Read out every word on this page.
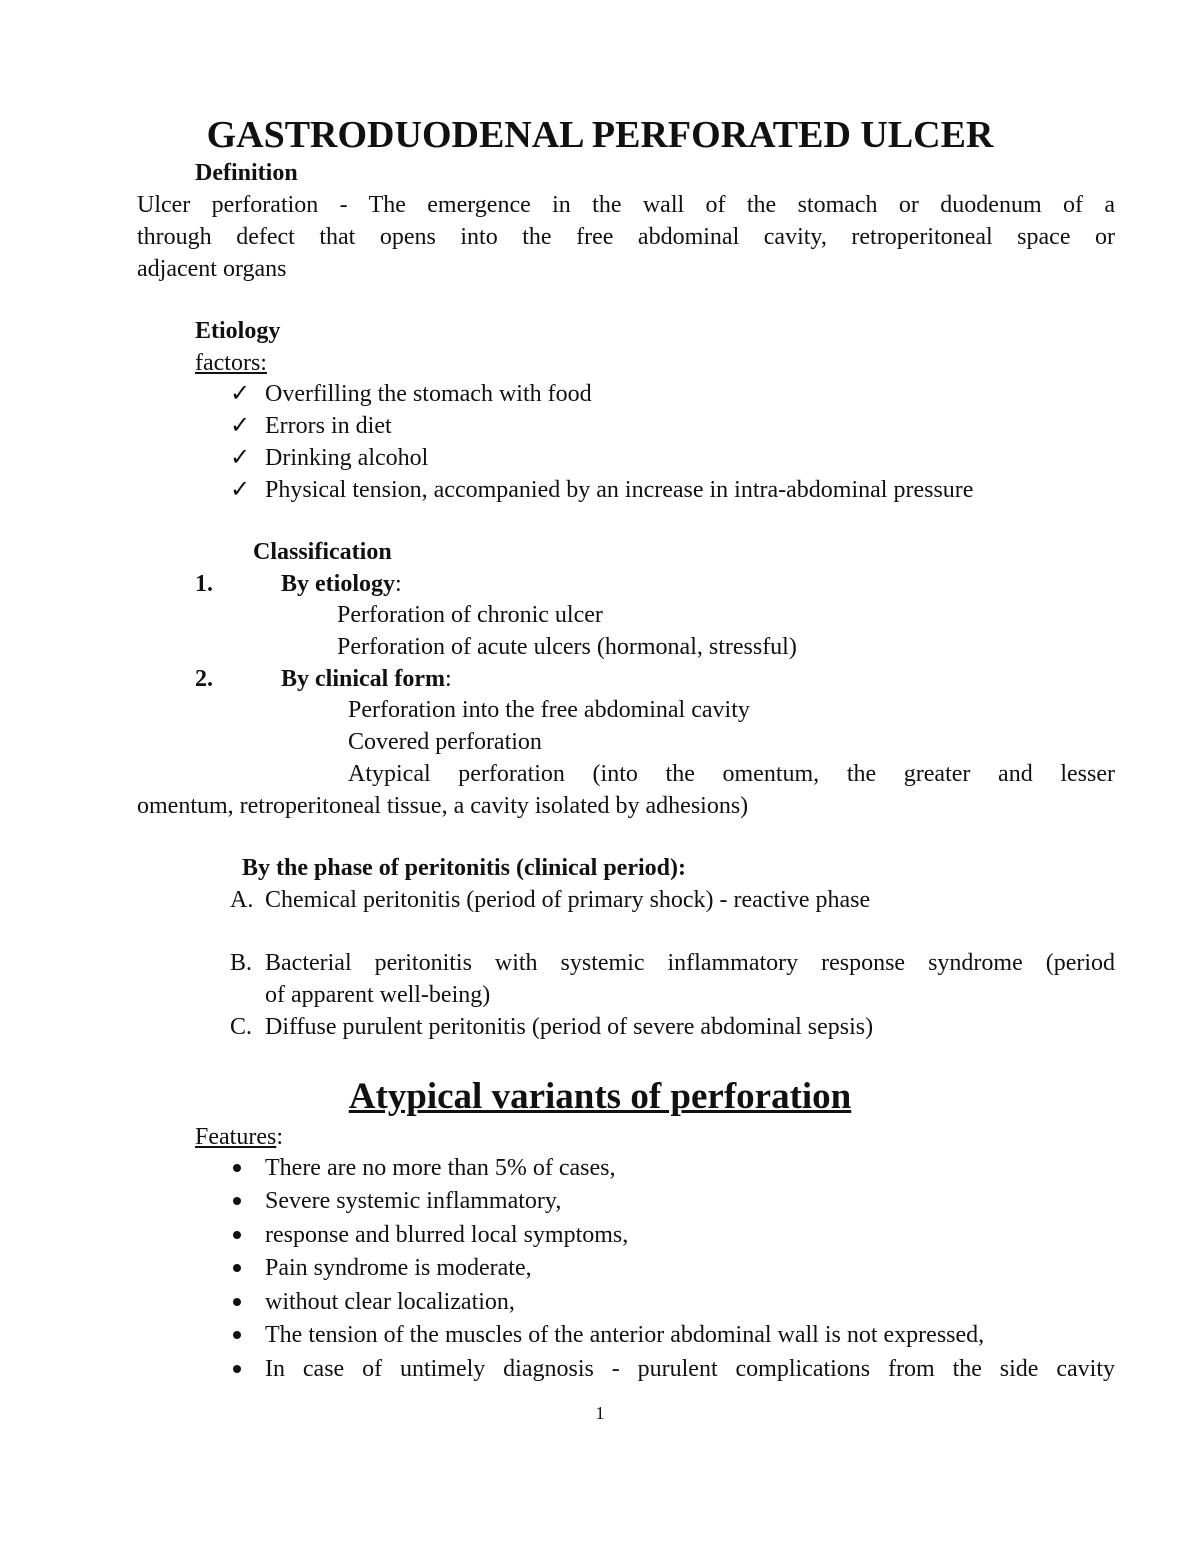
GASTRODUODENAL PERFORATED ULCER
Definition
Ulcer perforation - The emergence in the wall of the stomach or duodenum of a
through defect that opens into the free abdominal cavity, retroperitoneal space or
adjacent organs
Etiology
factors:
✓ Overfilling the stomach with food
✓ Errors in diet
✓ Drinking alcohol
✓ Physical tension, accompanied by an increase in intra-abdominal pressure
Classification
1.	By etiology:
Perforation of chronic ulcer
Perforation of acute ulcers (hormonal, stressful)
2.	By clinical form:
Perforation into the free abdominal cavity
Covered perforation
Atypical perforation (into the omentum, the greater and lesser
omentum, retroperitoneal tissue, a cavity isolated by adhesions)
By the phase of peritonitis (clinical period):
A. Chemical peritonitis (period of primary shock) - reactive phase
B. Bacterial peritonitis with systemic inflammatory response syndrome (period
of apparent well-being)
C. Diffuse purulent peritonitis (period of severe abdominal sepsis)
Atypical variants of perforation
Features:
There are no more than 5% of cases,
Severe systemic inflammatory,
response and blurred local symptoms,
Pain syndrome is moderate,
without clear localization,
The tension of the muscles of the anterior abdominal wall is not expressed,
In case of untimely diagnosis - purulent complications from the side cavity
1
